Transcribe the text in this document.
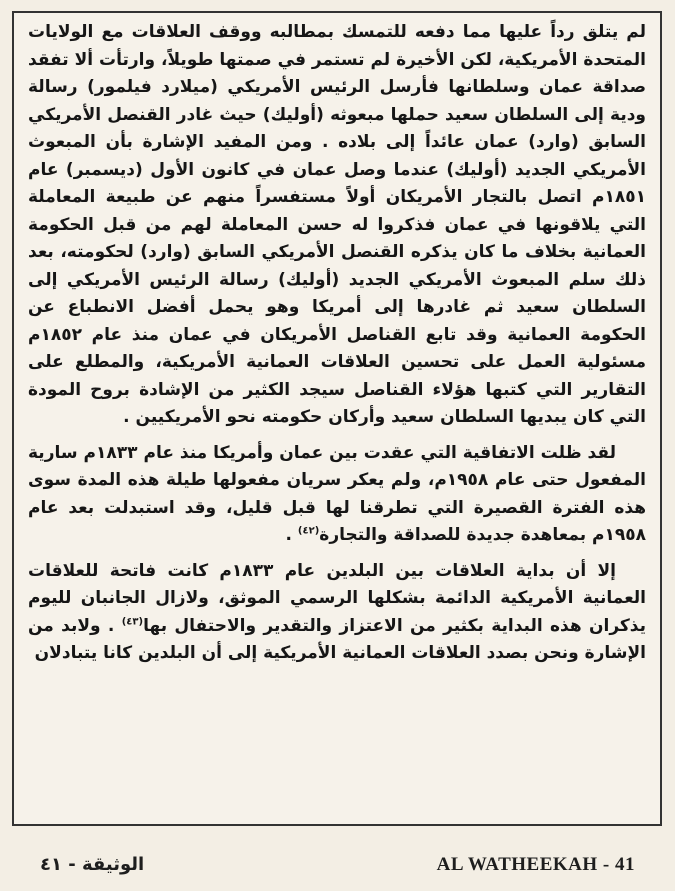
لم يتلق رداً عليها مما دفعه للتمسك بمطالبه ووقف العلاقات مع الولايات المتحدة الأمريكية، لكن الأخيرة لم تستمر في صمتها طويلاً، وارتأت ألا تفقد صداقة عمان وسلطانها فأرسل الرئيس الأمريكي (ميلارد فيلمور) رسالة ودية إلى السلطان سعيد حملها مبعوثه (أوليك) حيث غادر القنصل الأمريكي السابق (وارد) عمان عائداً إلى بلاده . ومن المفيد الإشارة بأن المبعوث الأمريكي الجديد (أوليك) عندما وصل عمان في كانون الأول (ديسمبر) عام ١٨٥١م اتصل بالتجار الأمريكان أولاً مستفسراً منهم عن طبيعة المعاملة التي يلاقونها في عمان فذكروا له حسن المعاملة لهم من قبل الحكومة العمانية بخلاف ما كان يذكره القنصل الأمريكي السابق (وارد) لحكومته، بعد ذلك سلم المبعوث الأمريكي الجديد (أوليك) رسالة الرئيس الأمريكي إلى السلطان سعيد ثم غادرها إلى أمريكا وهو يحمل أفضل الانطباع عن الحكومة العمانية وقد تابع القناصل الأمريكان في عمان منذ عام ١٨٥٢م مسئولية العمل على تحسين العلاقات العمانية الأمريكية، والمطلع على التقارير التي كتبها هؤلاء القناصل سيجد الكثير من الإشادة بروح المودة التي كان يبديها السلطان سعيد وأركان حكومته نحو الأمريكيين .

لقد ظلت الاتفاقية التي عقدت بين عمان وأمريكا منذ عام ١٨٣٣م سارية المفعول حتى عام ١٩٥٨م، ولم يعكر سريان مفعولها طيلة هذه المدة سوى هذه الفترة القصيرة التي تطرقنا لها قبل قليل، وقد استبدلت بعد عام ١٩٥٨م بمعاهدة جديدة للصداقة والتجارة$^{(٤٢)}$ .

إلا أن بداية العلاقات بين البلدين عام ١٨٣٣م كانت فاتحة للعلاقات العمانية الأمريكية الدائمة بشكلها الرسمي الموثق، ولازال الجانبان لليوم يذكران هذه البداية بكثير من الاعتزاز والتقدير والاحتفال بها$^{(٤٣)}$ . ولابد من الإشارة ونحن بصدد العلاقات العمانية الأمريكية إلى أن البلدين كانا يتبادلان

الوثيقة - ٤١	AL WATHEEKAH - 41
